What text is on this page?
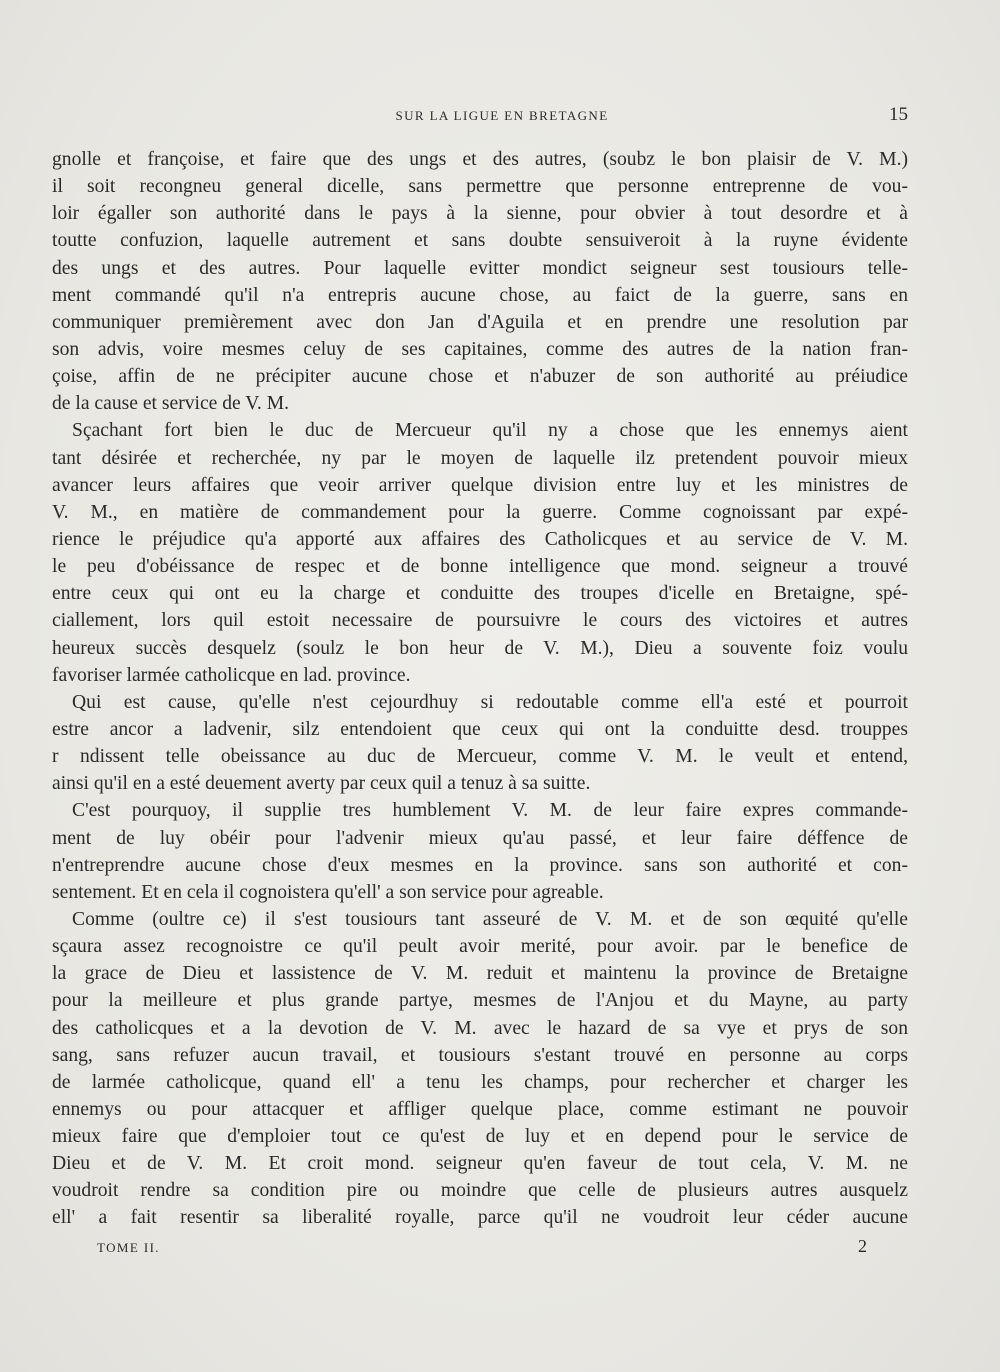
SUR LA LIGUE EN BRETAGNE	15
gnolle et françoise, et faire que des ungs et des autres, (soubz le bon plaisir de V. M.)
il soit recongneu general dicelle, sans permettre que personne entreprenne de vou-
loir égaller son authorité dans le pays à la sienne, pour obvier à tout desordre et à
toutte confuzion, laquelle autrement et sans doubte sensuiveroit à la ruyne évidente
des ungs et des autres. Pour laquelle evitter mondict seigneur sest tousiours telle-
ment commandé qu'il n'a entrepris aucune chose, au faict de la guerre, sans en
communiquer premièrement avec don Jan d'Aguila et en prendre une resolution par
son advis, voire mesmes celuy de ses capitaines, comme des autres de la nation fran-
çoise, affin de ne précipiter aucune chose et n'abuzer de son authorité au préiudice
de la cause et service de V. M.
Sçachant fort bien le duc de Mercueur qu'il ny a chose que les ennemys aient
tant désirée et recherchée, ny par le moyen de laquelle ilz pretendent pouvoir mieux
avancer leurs affaires que veoir arriver quelque division entre luy et les ministres de
V. M., en matière de commandement pour la guerre. Comme cognoissant par expé-
rience le préjudice qu'a apporté aux affaires des Catholicques et au service de V. M.
le peu d'obéissance de respec et de bonne intelligence que mond. seigneur a trouvé
entre ceux qui ont eu la charge et conduitte des troupes d'icelle en Bretaigne, spé-
ciallement, lors quil estoit necessaire de poursuivre le cours des victoires et autres
heureux succès desquelz (soulz le bon heur de V. M.), Dieu a souvente foiz voulu
favoriser larmée catholicque en lad. province.
Qui est cause, qu'elle n'est cejourdhuy si redoutable comme ell'a esté et pourroit
estre ancor a ladvenir, silz entendoient que ceux qui ont la conduitte desd. trouppes
r ndissent telle obeissance au duc de Mercueur, comme V. M. le veult et entend,
ainsi qu'il en a esté deuement averty par ceux quil a tenuz à sa suitte.
C'est pourquoy, il supplie tres humblement V. M. de leur faire expres commande-
ment de luy obéir pour l'advenir mieux qu'au passé, et leur faire déffence de
n'entreprendre aucune chose d'eux mesmes en la province. sans son authorité et con-
sentement. Et en cela il cognoistera qu'ell' a son service pour agreable.
Comme (oultre ce) il s'est tousiours tant asseuré de V. M. et de son œquité qu'elle
sçaura assez recognoistre ce qu'il peult avoir merité, pour avoir. par le benefice de
la grace de Dieu et lassistence de V. M. reduit et maintenu la province de Bretaigne
pour la meilleure et plus grande partye, mesmes de l'Anjou et du Mayne, au party
des catholicques et a la devotion de V. M. avec le hazard de sa vye et prys de son
sang, sans refuzer aucun travail, et tousiours s'estant trouvé en personne au corps
de larmée catholicque, quand ell' a tenu les champs, pour rechercher et charger les
ennemys ou pour attacquer et affliger quelque place, comme estimant ne pouvoir
mieux faire que d'emploier tout ce qu'est de luy et en depend pour le service de
Dieu et de V. M. Et croit mond. seigneur qu'en faveur de tout cela, V. M. ne
voudroit rendre sa condition pire ou moindre que celle de plusieurs autres ausquelz
ell' a fait resentir sa liberalité royalle, parce qu'il ne voudroit leur céder aucune
TOME II.	2
